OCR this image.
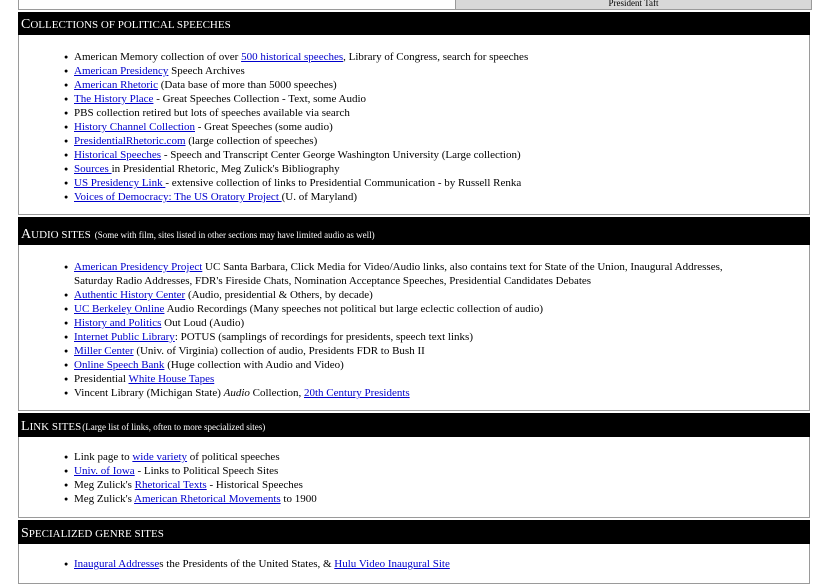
President Taft
COLLECTIONS OF POLITICAL SPEECHES
● American Memory collection of over 500 historical speeches, Library of Congress, search for speeches
● American Presidency Speech Archives
● American Rhetoric (Data base of more than 5000 speeches)
● The History Place - Great Speeches Collection - Text, some Audio
● PBS collection retired but lots of speeches available via search
● History Channel Collection - Great Speeches (some audio)
● PresidentialRhetoric.com (large collection of speeches)
● Historical Speeches - Speech and Transcript Center George Washington University (Large collection)
● Sources in Presidential Rhetoric, Meg Zulick's Bibliography
● US Presidency Link - extensive collection of links to Presidential Communication - by Russell Renka
● Voices of Democracy: The US Oratory Project (U. of Maryland)
AUDIO SITES (Some with film, sites listed in other sections may have limited audio as well)
● American Presidency Project UC Santa Barbara, Click Media for Video/Audio links, also contains text for State of the Union, Inaugural Addresses, Saturday Radio Addresses, FDR's Fireside Chats, Nomination Acceptance Speeches, Presidential Candidates Debates
● Authentic History Center (Audio, presidential & Others, by decade)
● UC Berkeley Online Audio Recordings (Many speeches not political but large eclectic collection of audio)
● History and Politics Out Loud (Audio)
● Internet Public Library: POTUS (samplings of recordings for presidents, speech text links)
● Miller Center (Univ. of Virginia) collection of audio, Presidents FDR to Bush II
● Online Speech Bank (Huge collection with Audio and Video)
● Presidential White House Tapes
● Vincent Library (Michigan State) Audio Collection, 20th Century Presidents
LINK SITES(Large list of links, often to more specialized sites)
● Link page to wide variety of political speeches
● Univ. of Iowa - Links to Political Speech Sites
● Meg Zulick's Rhetorical Texts - Historical Speeches
● Meg Zulick's American Rhetorical Movements to 1900
SPECIALIZED GENRE SITES
● Inaugural Addresses the Presidents of the United States, & Hulu Video Inaugural Site
